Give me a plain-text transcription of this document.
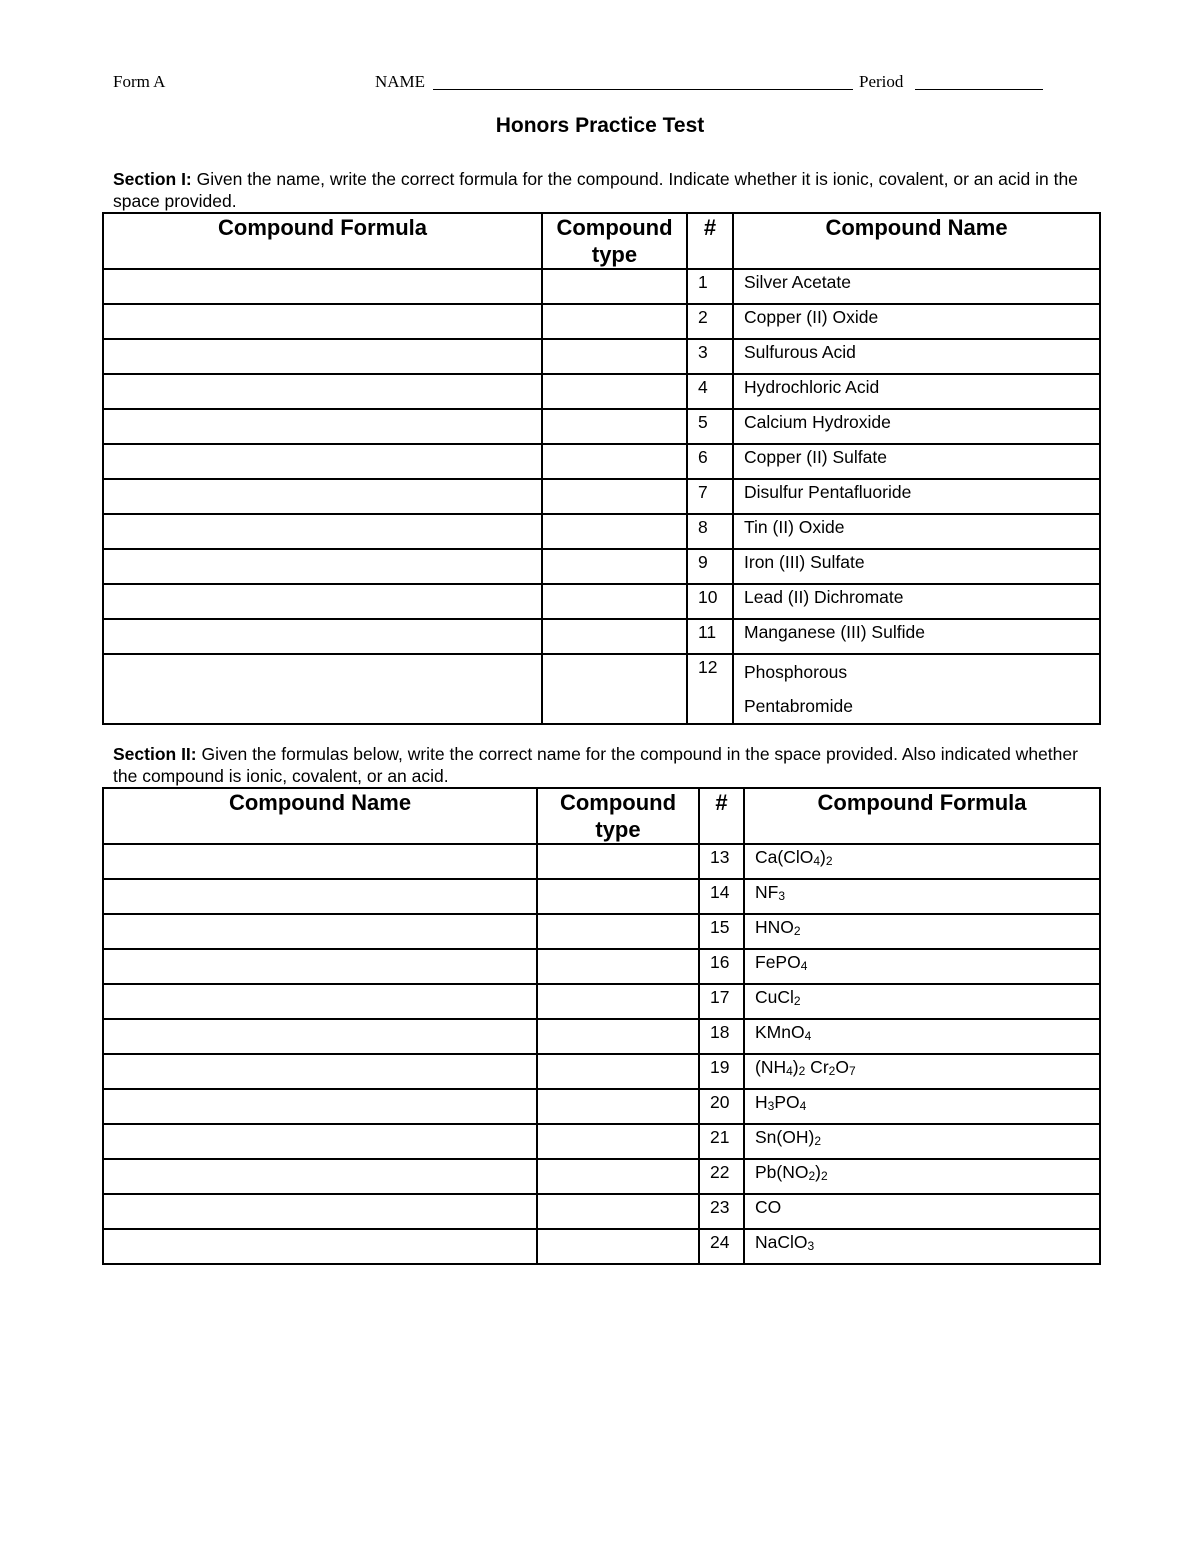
Form A	NAME	Period
Honors Practice Test
Section I: Given the name, write the correct formula for the compound. Indicate whether it is ionic, covalent, or an acid in the space provided.
Compound Formula	Compound type	#	Compound Name
		1	Silver Acetate
		2	Copper (II) Oxide
		3	Sulfurous Acid
		4	Hydrochloric Acid
		5	Calcium Hydroxide
		6	Copper (II) Sulfate
		7	Disulfur Pentafluoride
		8	Tin (II) Oxide
		9	Iron (III) Sulfate
		10	Lead (II) Dichromate
		11	Manganese (III) Sulfide
		12	Phosphorous
Pentabromide
Section II: Given the formulas below, write the correct name for the compound in the space provided. Also indicated whether the compound is ionic, covalent, or an acid.
Compound Name	Compound type	#	Compound Formula
		13	$Ca(ClO_4)_2$
		14	$NF_3$
		15	$HNO_2$
		16	FePO$_4$
		17	CuCl$_2$
		18	KMnO$_4$
		19	$(NH_4)_2$ $Cr_2O_7$
		20	$H_3PO_4$
		21	$Sn(OH)_2$
		22	$Pb(NO_2)_2$
		23	CO
		24	NaClO$_3$
